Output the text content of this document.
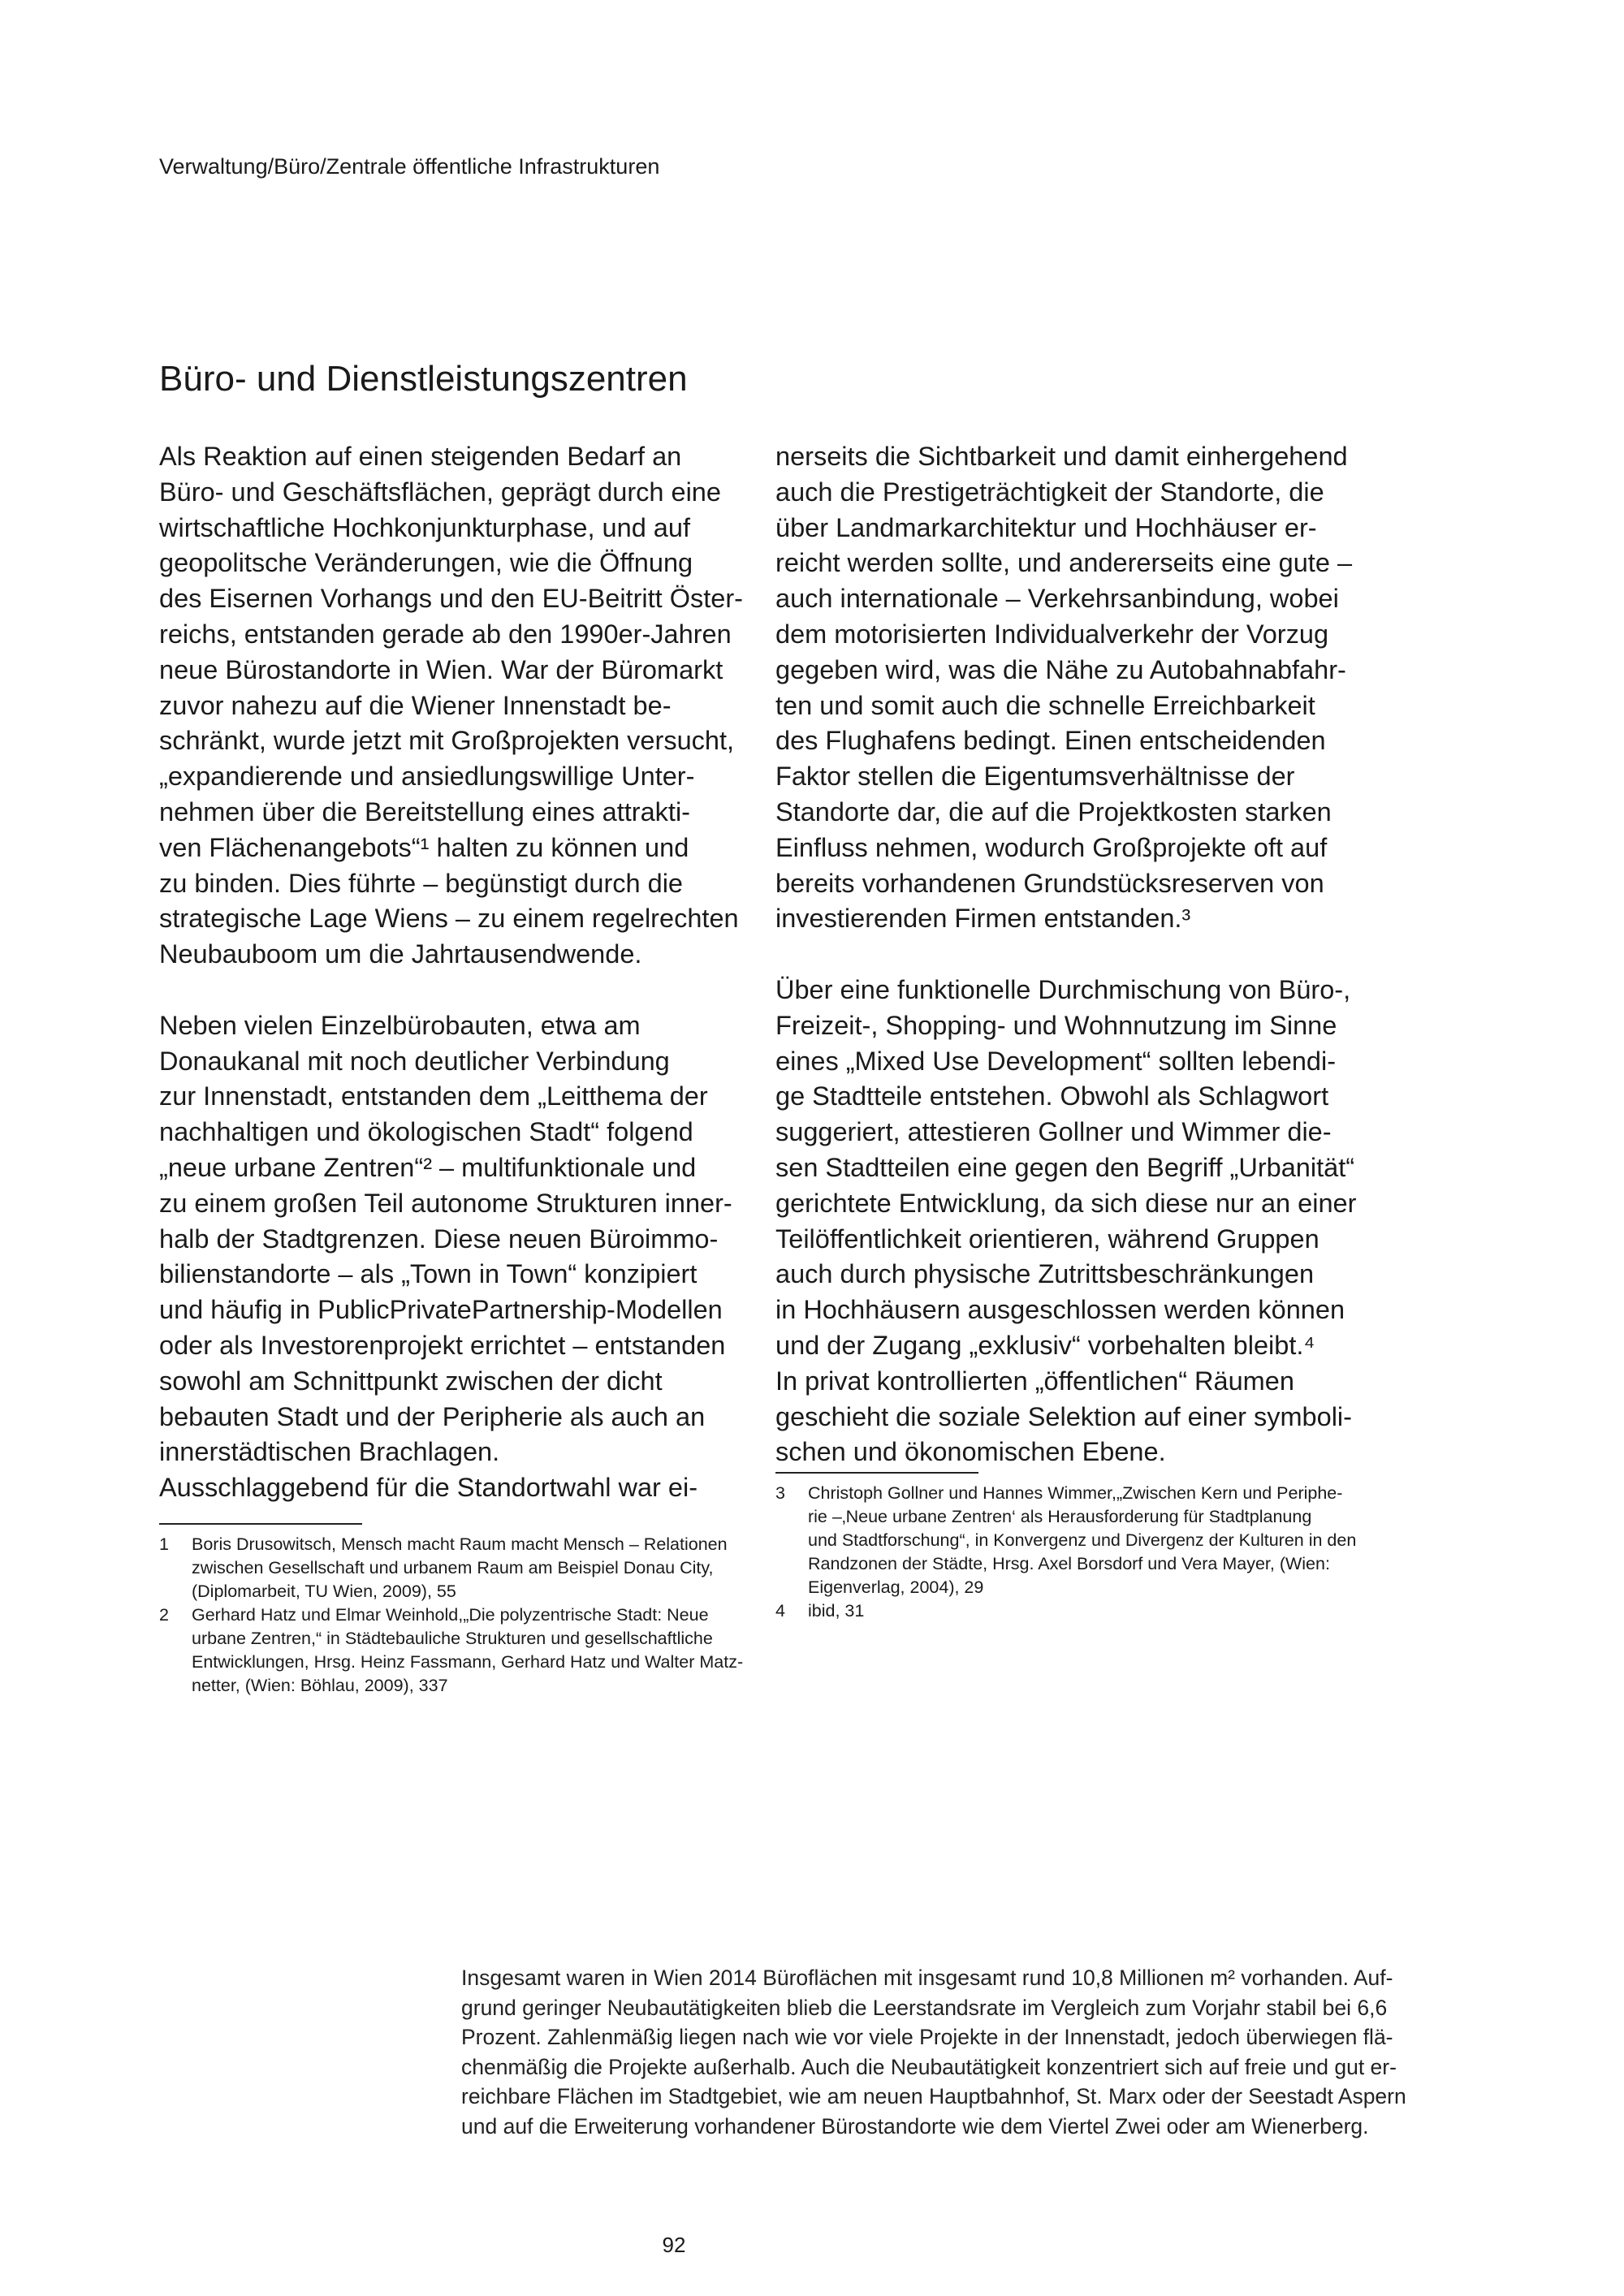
Verwaltung/Büro/Zentrale öffentliche Infrastrukturen
Büro- und Dienstleistungszentren
Als Reaktion auf einen steigenden Bedarf an
Büro- und Geschäftsflächen, geprägt durch eine
wirtschaftliche Hochkonjunkturphase, und auf
geopolitsche Veränderungen, wie die Öffnung
des Eisernen Vorhangs und den EU-Beitritt Öster-
reichs, entstanden gerade ab den 1990er-Jahren
neue Bürostandorte in Wien. War der Büromarkt
zuvor nahezu auf die Wiener Innenstadt be-
schränkt, wurde jetzt mit Großprojekten versucht,
„expandierende und ansiedlungswillige Unter-
nehmen über die Bereitstellung eines attrakti-
ven Flächenangebots“¹ halten zu können und
zu binden. Dies führte – begünstigt durch die
strategische Lage Wiens – zu einem regelrechten
Neubauboom um die Jahrtausendwende.
Neben vielen Einzelbürobauten, etwa am
Donaukanal mit noch deutlicher Verbindung
zur Innenstadt, entstanden dem „Leitthema der
nachhaltigen und ökologischen Stadt“ folgend
„neue urbane Zentren“² – multifunktionale und
zu einem großen Teil autonome Strukturen inner-
halb der Stadtgrenzen. Diese neuen Büroimmo-
bilienstandorte – als „Town in Town“ konzipiert
und häufig in PublicPrivatePartnership-Modellen
oder als Investorenprojekt errichtet – entstanden
sowohl am Schnittpunkt zwischen der dicht
bebauten Stadt und der Peripherie als auch an
innerstädtischen Brachlagen.
Ausschlaggebend für die Standortwahl war ei-
nerseits die Sichtbarkeit und damit einhergehend
auch die Prestigeträchtigkeit der Standorte, die
über Landmarkarchitektur und Hochhäuser er-
reicht werden sollte, und andererseits eine gute –
auch internationale – Verkehrsanbindung, wobei
dem motorisierten Individualverkehr der Vorzug
gegeben wird, was die Nähe zu Autobahnabfahr-
ten und somit auch die schnelle Erreichbarkeit
des Flughafens bedingt. Einen entscheidenden
Faktor stellen die Eigentumsverhältnisse der
Standorte dar, die auf die Projektkosten starken
Einfluss nehmen, wodurch Großprojekte oft auf
bereits vorhandenen Grundstücksreserven von
investierenden Firmen entstanden.³
Über eine funktionelle Durchmischung von Büro-,
Freizeit-, Shopping- und Wohnnutzung im Sinne
eines „Mixed Use Development“ sollten lebendi-
ge Stadtteile entstehen. Obwohl als Schlagwort
suggeriert, attestieren Gollner und Wimmer die-
sen Stadtteilen eine gegen den Begriff „Urbanität“
gerichtete Entwicklung, da sich diese nur an einer
Teilöffentlichkeit orientieren, während Gruppen
auch durch physische Zutrittsbeschränkungen
in Hochhäusern ausgeschlossen werden können
und der Zugang „exklusiv“ vorbehalten bleibt.⁴
In privat kontrollierten „öffentlichen“ Räumen
geschieht die soziale Selektion auf einer symboli-
schen und ökonomischen Ebene.
1	Boris Drusowitsch, Mensch macht Raum macht Mensch – Relationen
zwischen Gesellschaft und urbanem Raum am Beispiel Donau City,
(Diplomarbeit, TU Wien, 2009), 55
2	Gerhard Hatz und Elmar Weinhold,„Die polyzentrische Stadt: Neue
urbane Zentren,“ in Städtebauliche Strukturen und gesellschaftliche
Entwicklungen, Hrsg. Heinz Fassmann, Gerhard Hatz und Walter Matz-
netter, (Wien: Böhlau, 2009), 337
3	Christoph Gollner und Hannes Wimmer,„Zwischen Kern und Periphe-
rie –‚Neue urbane Zentren‘ als Herausforderung für Stadtplanung
und Stadtforschung“, in Konvergenz und Divergenz der Kulturen in den
Randzonen der Städte, Hrsg. Axel Borsdorf und Vera Mayer, (Wien:
Eigenverlag, 2004), 29
4	ibid, 31
Insgesamt waren in Wien 2014 Büroflächen mit insgesamt rund 10,8 Millionen m² vorhanden. Auf-
grund geringer Neubautätigkeiten blieb die Leerstandsrate im Vergleich zum Vorjahr stabil bei 6,6
Prozent. Zahlenmäßig liegen nach wie vor viele Projekte in der Innenstadt, jedoch überwiegen flä-
chenmäßig die Projekte außerhalb. Auch die Neubautätigkeit konzentriert sich auf freie und gut er-
reichbare Flächen im Stadtgebiet, wie am neuen Hauptbahnhof, St. Marx oder der Seestadt Aspern
und auf die Erweiterung vorhandener Bürostandorte wie dem Viertel Zwei oder am Wienerberg.
92
